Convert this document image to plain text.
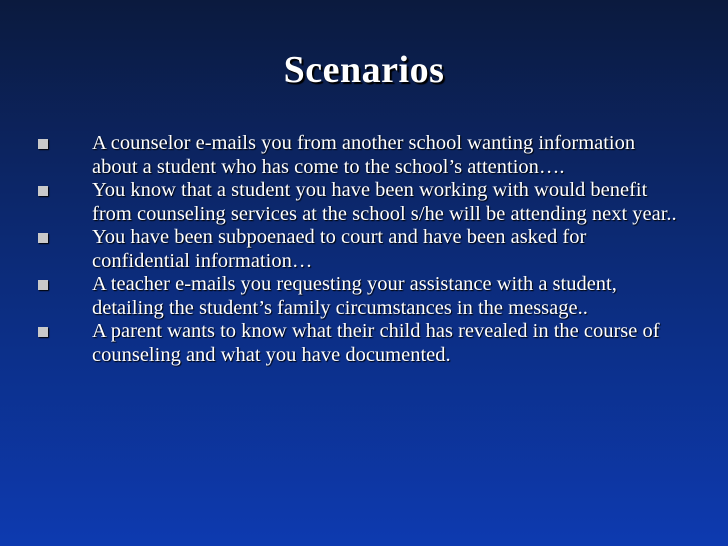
Scenarios
A counselor e-mails you from another school wanting information about a student who has come to the school’s attention….
You know that a student you have been working with would benefit from counseling services at the school s/he will be attending next year..
You have been subpoenaed to court and have been asked for confidential information…
A teacher e-mails you requesting your assistance with a student, detailing the student’s family circumstances in the message..
A parent wants to know what their child has revealed in the course of counseling and what you have documented.
